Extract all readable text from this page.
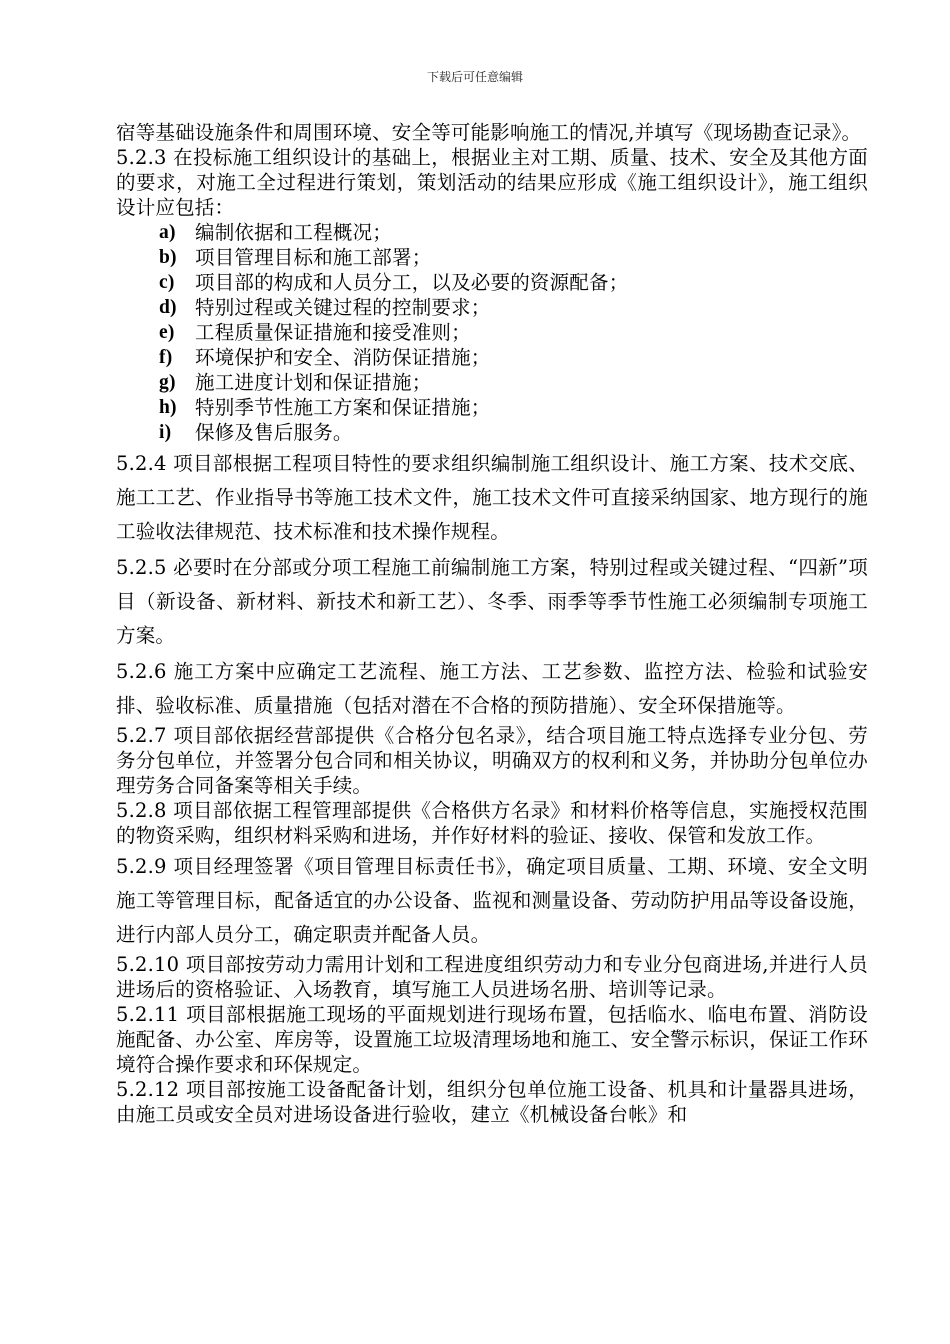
下载后可任意编辑

宿等基础设施条件和周围环境、安全等可能影响施工的情况,并填写《现场勘查记录》。

5.2.3 在投标施工组织设计的基础上，根据业主对工期、质量、技术、安全及其他方面的要求，对施工全过程进行策划，策划活动的结果应形成《施工组织设计》，施工组织设计应包括：

a) 编制依据和工程概况；
b) 项目管理目标和施工部署；
c)	项目部的构成和人员分工，以及必要的资源配备；
d) 特别过程或关键过程的控制要求；
e)	工程质量保证措施和接受准则；
f)	环境保护和安全、消防保证措施；
g) 施工进度计划和保证措施；
h) 特别季节性施工方案和保证措施；
i)	保修及售后服务。

5.2.4 项目部根据工程项目特性的要求组织编制施工组织设计、施工方案、技术交底、施工工艺、作业指导书等施工技术文件，施工技术文件可直接采纳国家、地方现行的施工验收法律规范、技术标准和技术操作规程。

5.2.5 必要时在分部或分项工程施工前编制施工方案，特别过程或关键过程、“四新”项目（新设备、新材料、新技术和新工艺）、冬季、雨季等季节性施工必须编制专项施工方案。

5.2.6 施工方案中应确定工艺流程、施工方法、工艺参数、监控方法、检验和试验安排、验收标准、质量措施（包括对潜在不合格的预防措施）、安全环保措施等。

5.2.7 项目部依据经营部提供《合格分包名录》，结合项目施工特点选择专业分包、劳务分包单位，并签署分包合同和相关协议，明确双方的权利和义务，并协助分包单位办理劳务合同备案等相关手续。

5.2.8 项目部依据工程管理部提供《合格供方名录》和材料价格等信息，实施授权范围的物资采购，组织材料采购和进场，并作好材料的验证、接收、保管和发放工作。

5.2.9 项目经理签署《项目管理目标责任书》，确定项目质量、工期、环境、安全文明施工等管理目标，配备适宜的办公设备、监视和测量设备、劳动防护用品等设备设施，进行内部人员分工，确定职责并配备人员。

5.2.10 项目部按劳动力需用计划和工程进度组织劳动力和专业分包商进场,并进行人员进场后的资格验证、入场教育，填写施工人员进场名册、培训等记录。

5.2.11 项目部根据施工现场的平面规划进行现场布置，包括临水、临电布置、消防设施配备、办公室、库房等，设置施工垃圾清理场地和施工、安全警示标识，保证工作环境符合操作要求和环保规定。

5.2.12 项目部按施工设备配备计划，组织分包单位施工设备、机具和计量器具进场，由施工员或安全员对进场设备进行验收，建立《机械设备台帐》和
